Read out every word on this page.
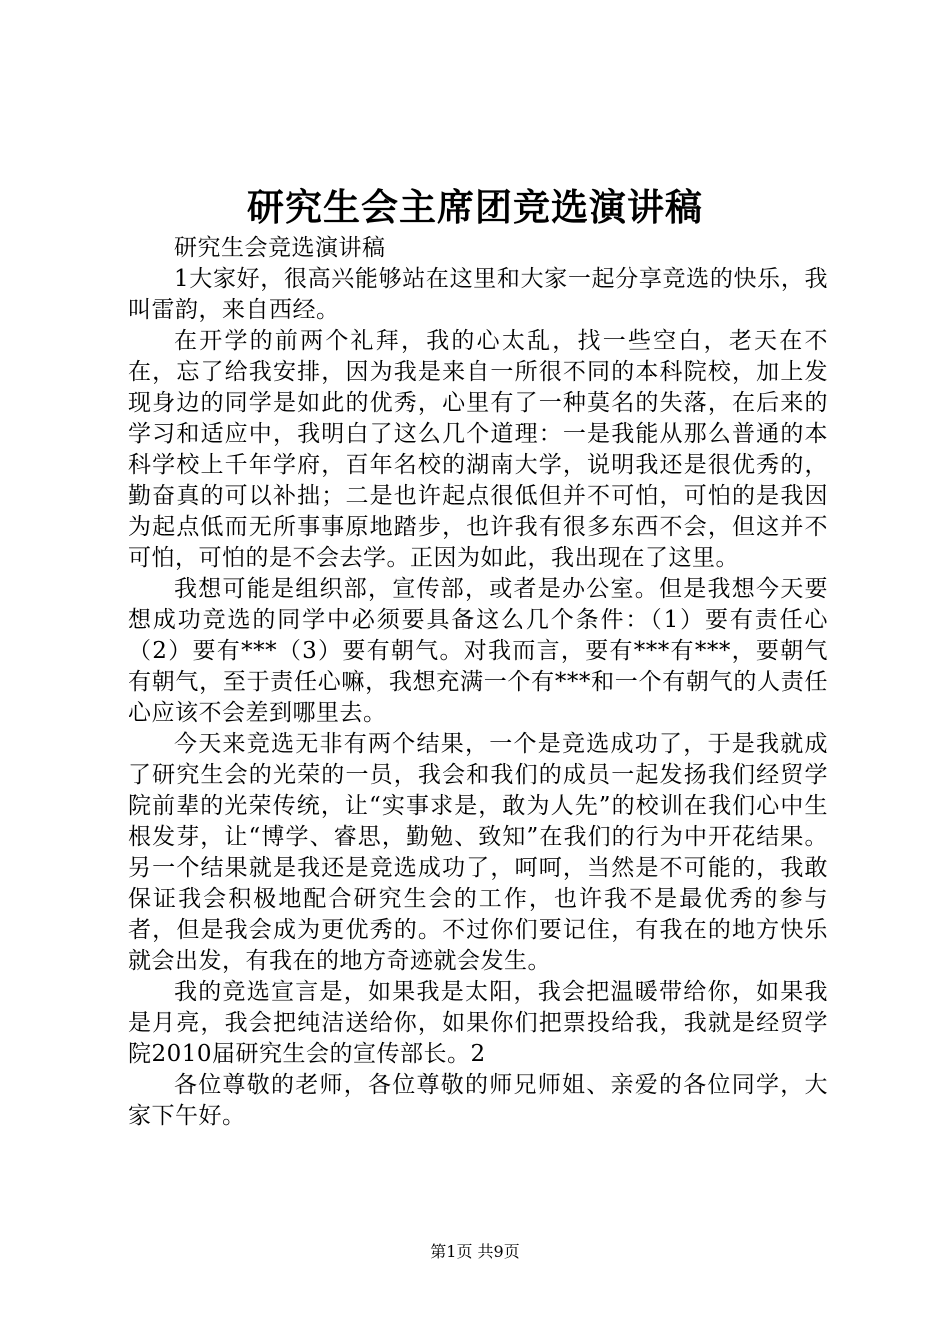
研究生会主席团竞选演讲稿

研究生会竞选演讲稿

1大家好，很高兴能够站在这里和大家一起分享竞选的快乐，我叫雷韵，来自西经。

在开学的前两个礼拜，我的心太乱，找一些空白，老天在不在，忘了给我安排，因为我是来自一所很不同的本科院校，加上发现身边的同学是如此的优秀，心里有了一种莫名的失落，在后来的学习和适应中，我明白了这么几个道理：一是我能从那么普通的本科学校上千年学府，百年名校的湖南大学，说明我还是很优秀的，勤奋真的可以补拙；二是也许起点很低但并不可怕，可怕的是我因为起点低而无所事事原地踏步，也许我有很多东西不会，但这并不可怕，可怕的是不会去学。正因为如此，我出现在了这里。

我想可能是组织部，宣传部，或者是办公室。但是我想今天要想成功竞选的同学中必须要具备这么几个条件：（1）要有责任心（2）要有***（3）要有朝气。对我而言，要有***有***，要朝气有朝气，至于责任心嘛，我想充满一个有***和一个有朝气的人责任心应该不会差到哪里去。

今天来竞选无非有两个结果，一个是竞选成功了，于是我就成了研究生会的光荣的一员，我会和我们的成员一起发扬我们经贸学院前辈的光荣传统，让“实事求是，敢为人先”的校训在我们心中生根发芽，让“博学、睿思，勤勉、致知”在我们的行为中开花结果。另一个结果就是我还是竞选成功了，呵呵，当然是不可能的，我敢保证我会积极地配合研究生会的工作，也许我不是最优秀的参与者，但是我会成为更优秀的。不过你们要记住，有我在的地方快乐就会出发，有我在的地方奇迹就会发生。

我的竞选宣言是，如果我是太阳，我会把温暖带给你，如果我是月亮，我会把纯洁送给你，如果你们把票投给我，我就是经贸学院2010届研究生会的宣传部长。2

各位尊敬的老师，各位尊敬的师兄师姐、亲爱的各位同学，大家下午好。

第1页 共9页
